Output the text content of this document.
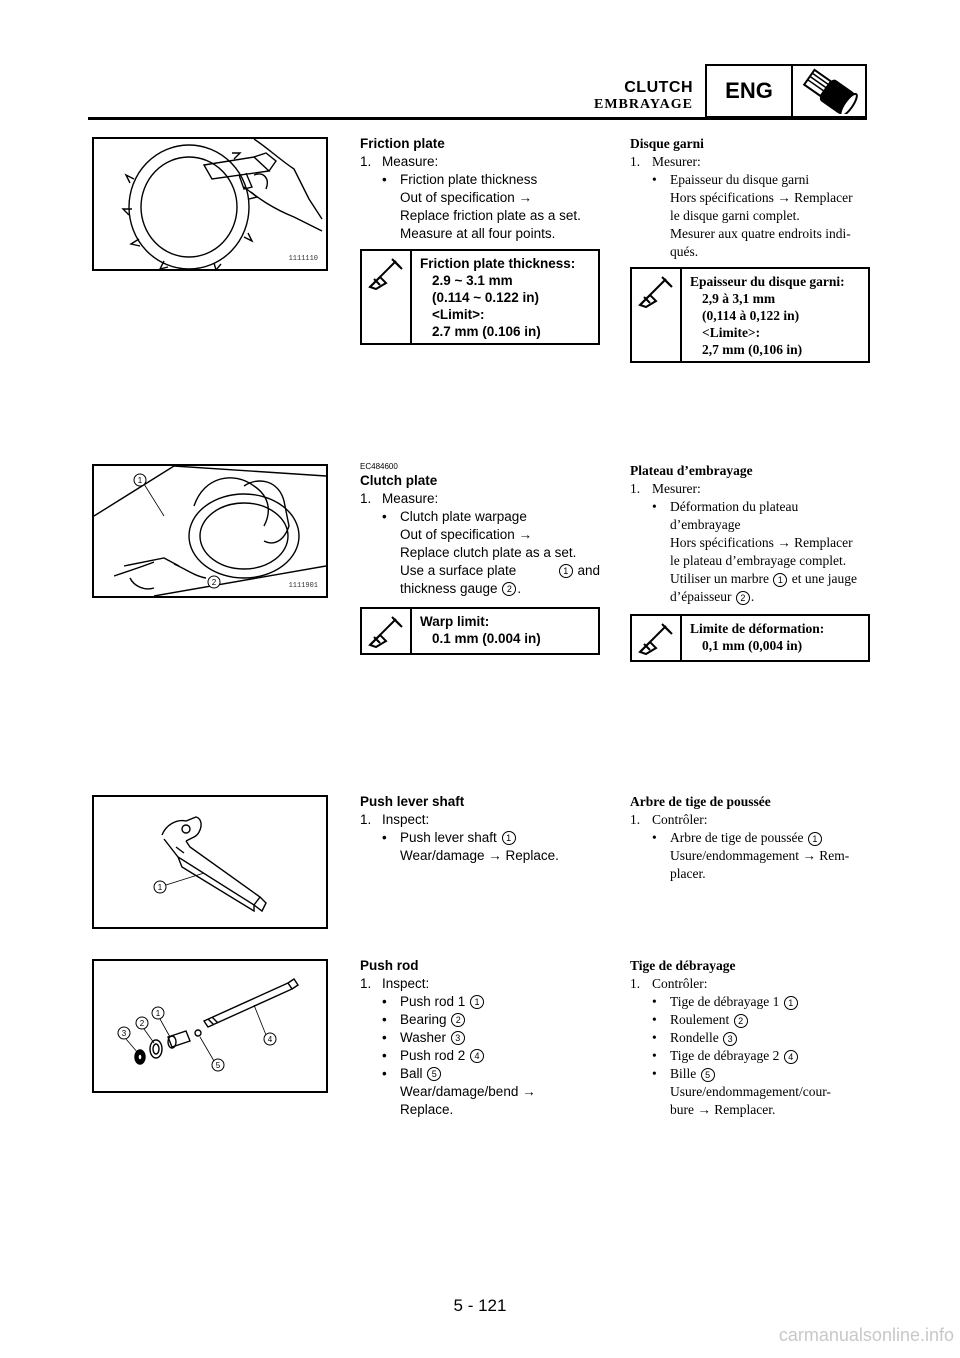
CLUTCH
EMBRAYAGE
ENG
1111110
Friction plate
1. Measure:
• Friction plate thickness
Out of specification →
Replace friction plate as a set.
Measure at all four points.
Friction plate thickness:
2.9 ~ 3.1 mm
(0.114 ~ 0.122 in)
<Limit>:
2.7 mm (0.106 in)
Disque garni
1. Mesurer:
• Epaisseur du disque garni
Hors spécifications → Remplacer
le disque garni complet.
Mesurer aux quatre endroits indi-
qués.
Epaisseur du disque garni:
2,9 à 3,1 mm
(0,114 à 0,122 in)
<Limite>:
2,7 mm (0,106 in)
1
2	1111901
EC484600
Clutch plate
1. Measure:
• Clutch plate warpage
Out of specification →
Replace clutch plate as a set.
Use a surface plate	1 and
thickness gauge 2 .
Warp limit:
0.1 mm (0.004 in)
Plateau d’embrayage
1. Mesurer:
• Déformation du plateau
d’embrayage
Hors spécifications → Remplacer
le plateau d’embrayage complet.
Utiliser un marbre 1 et une jauge
d’épaisseur 2 .
Limite de déformation:
0,1 mm (0,004 in)
1
Push lever shaft
1. Inspect:
• Push lever shaft 1
Wear/damage → Replace.
Arbre de tige de poussée
1. Contrôler:
• Arbre de tige de poussée 1
Usure/endommagement → Rem-
placer.
1
2
3
4
5
Push rod
1. Inspect:
• Push rod 1 1
• Bearing 2
• Washer 3
• Push rod 2 4
• Ball 5
Wear/damage/bend →
Replace.
Tige de débrayage
1. Contrôler:
• Tige de débrayage 1 1
• Roulement 2
• Rondelle 3
• Tige de débrayage 2 4
• Bille 5
Usure/endommagement/cour-
bure → Remplacer.
5 - 121
carmanualsonline.info
